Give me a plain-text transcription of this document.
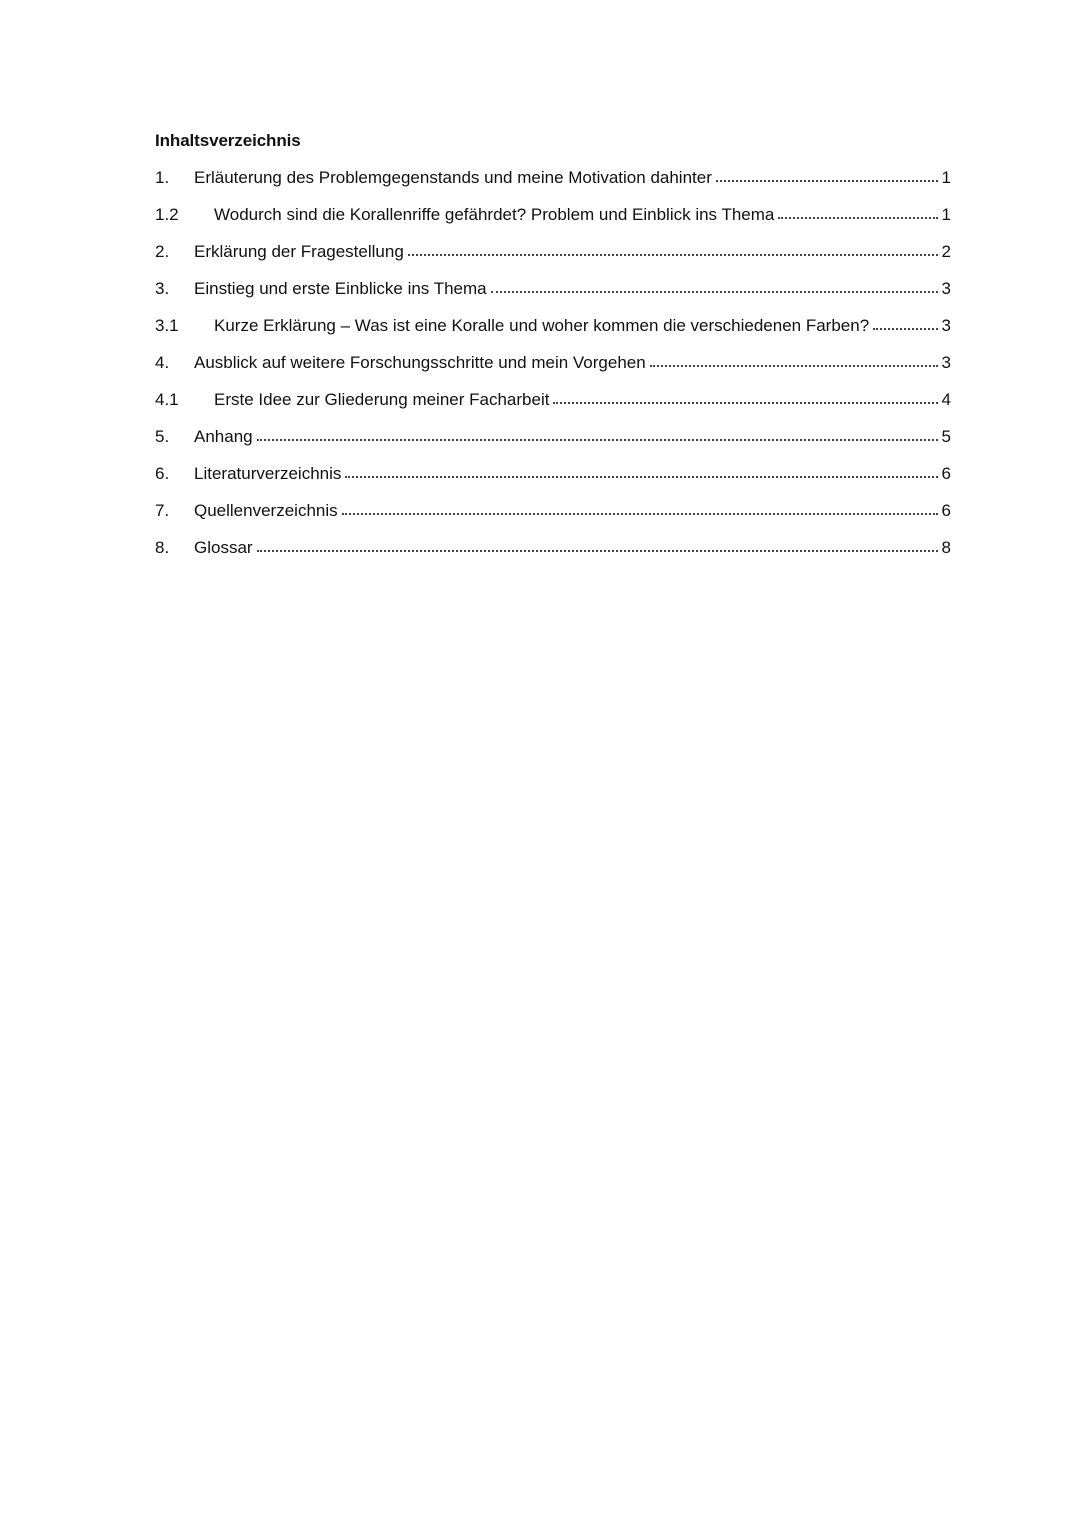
Inhaltsverzeichnis
1.	Erläuterung des Problemgegenstands und meine Motivation dahinter	1
1.2	Wodurch sind die Korallenriffe gefährdet? Problem und Einblick ins Thema	1
2.	Erklärung der Fragestellung	2
3.	Einstieg und erste Einblicke ins Thema	3
3.1	Kurze Erklärung – Was ist eine Koralle und woher kommen die verschiedenen Farben?	3
4.	Ausblick auf weitere Forschungsschritte und mein Vorgehen	3
4.1	Erste Idee zur Gliederung meiner Facharbeit	4
5.	Anhang	5
6.	Literaturverzeichnis	6
7.	Quellenverzeichnis	6
8.	Glossar	8
